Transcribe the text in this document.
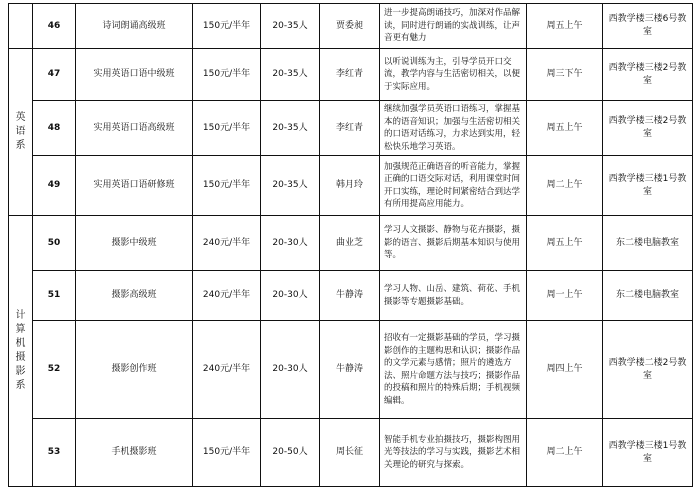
	46	诗词朗诵高级班	150元/半年	20-35人	贾委昶	进一步提高朗诵技巧，加深对作品解读，同时进行朗诵的实战训练，让声音更有魅力	周五上午	西教学楼三楼6号教室

英语系	47	实用英语口语中级班	150元/半年	20-35人	李红青	以听说训练为主，引导学员开口交流，教学内容与生活密切相关，以便于实际应用。	周三下午	西教学楼三楼2号教室
	48	实用英语口语高级班	150元/半年	20-35人	李红青	继续加强学员英语口语练习，掌握基本的语音知识；加强与生活密切相关的口语对话练习，力求达到实用，轻松快乐地学习英语。	周五上午	西教学楼三楼2号教室
	49	实用英语口语研修班	150元/半年	20-35人	韩月玲	加强规范正确语音的听音能力，掌握正确的口语交际对话，利用课堂时间开口实练，理论时间紧密结合到达学有所用提高应用能力。	周二上午	西教学楼三楼1号教室

计算机摄影系	50	摄影中级班	240元/半年	20-30人	曲业芝	学习人文摄影、静物与花卉摄影，摄影的语言、摄影后期基本知识与使用等。	周五上午	东二楼电脑教室
	51	摄影高级班	240元/半年	20-30人	牛静涛	学习人物、山岳、建筑、荷花、手机摄影等专题摄影基础。	周一上午	东二楼电脑教室
	52	摄影创作班	240元/半年	20-30人	牛静涛	招收有一定摄影基础的学员，学习摄影创作的主题构思和认识；摄影作品的文学元素与感情；照片的遴选方法、照片命题方法与技巧；摄影作品的投稿和照片的特殊后期；手机视频编辑。	周四上午	西教学楼二楼2号教室
	53	手机摄影班	150元/半年	20-50人	周长征	智能手机专业拍摄技巧，摄影构图用光等技法的学习与实践，摄影艺术相关理论的研究与探索。	周二上午	西教学楼三楼1号教室
